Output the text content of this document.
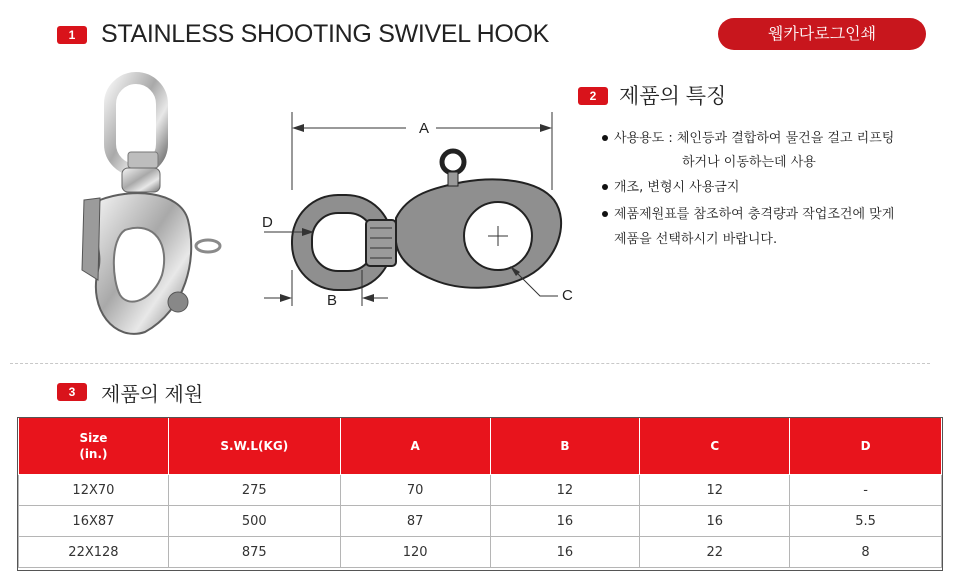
1	STAINLESS SHOOTING SWIVEL HOOK	웹카다로그인쇄
A
B	C
D
2	제품의 특징
사용용도 : 체인등과 결합하여 물건을 걸고 리프팅
하거나 이동하는데 사용
개조, 변형시 사용금지
제품제원표를 참조하여 충격량과 작업조건에 맞게
제품을 선택하시기 바랍니다.
3	제품의 제원
Size
(in.)	S.W.L(KG)	A	B	C	D
12X70	275	70	12	12	-
16X87	500	87	16	16	5.5
22X128	875	120	16	22	8
